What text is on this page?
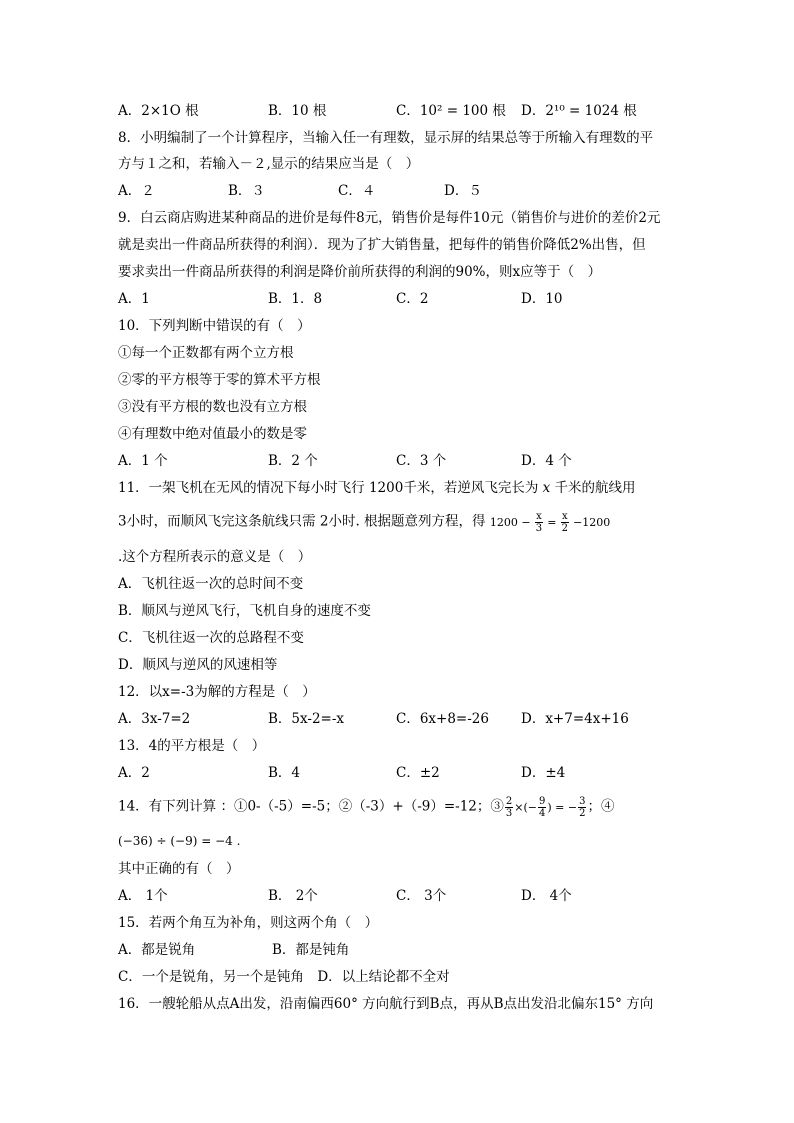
A．2×1O 根	B．10 根	C．10² = 100 根 D．2¹⁰ = 1024 根
8．小明编制了一个计算程序，当输入任一有理数，显示屏的结果总等于所输入有理数的平
方与１之和，若输入－２,显示的结果应当是（　）
A．２	B．３	C．４	D．５
9．白云商店购进某种商品的进价是每件8元，销售价是每件10元（销售价与进价的差价2元
就是卖出一件商品所获得的利润）．现为了扩大销售量，把每件的销售价降低2%出售，但
要求卖出一件商品所获得的利润是降价前所获得的利润的90%，则x应等于（　）
A．1	B．1．8	C．2	D．10
10．下列判断中错误的有（　）
①每一个正数都有两个立方根
②零的平方根等于零的算术平方根
③没有平方根的数也没有立方根
④有理数中绝对值最小的数是零
A．1 个	B．2 个	C．3 个	D．4 个
11．一架飞机在无风的情况下每小时飞行 1200千米，若逆风飞完长为 x 千米的航线用
3小时，而顺风飞完这条航线只需 2小时. 根据题意列方程，得 $1200 - \frac{x}{3} = \frac{x}{2} -1200$
.这个方程所表示的意义是（　）
A．飞机往返一次的总时间不变
B．顺风与逆风飞行，飞机自身的速度不变
C．飞机往返一次的总路程不变
D．顺风与逆风的风速相等
12．以x=-3为解的方程是（　）
A．3x-7=2	B．5x-2=-x	C．6x+8=-26 D．x+7=4x+16
13．4的平方根是（　）
A．2	B．4	C．±2	D．±4
14．有下列计算 ：①0-（-5）=-5；②（-3）+（-9）=-12；③ $\frac{2}{3}$ ×(− $\frac{9}{4}$ ) = − $\frac{3}{2}$ ；④
(−36) ÷ (−9) = −4 .
其中正确的有（　）
A． 1个	B． 2个	C． 3个	D． 4个
15．若两个角互为补角，则这两个角（　）
A．都是锐角	B．都是钝角
C．一个是锐角，另一个是钝角　D．以上结论都不全对
16．一艘轮船从点A出发，沿南偏西60° 方向航行到B点，再从B点出发沿北偏东15° 方向
